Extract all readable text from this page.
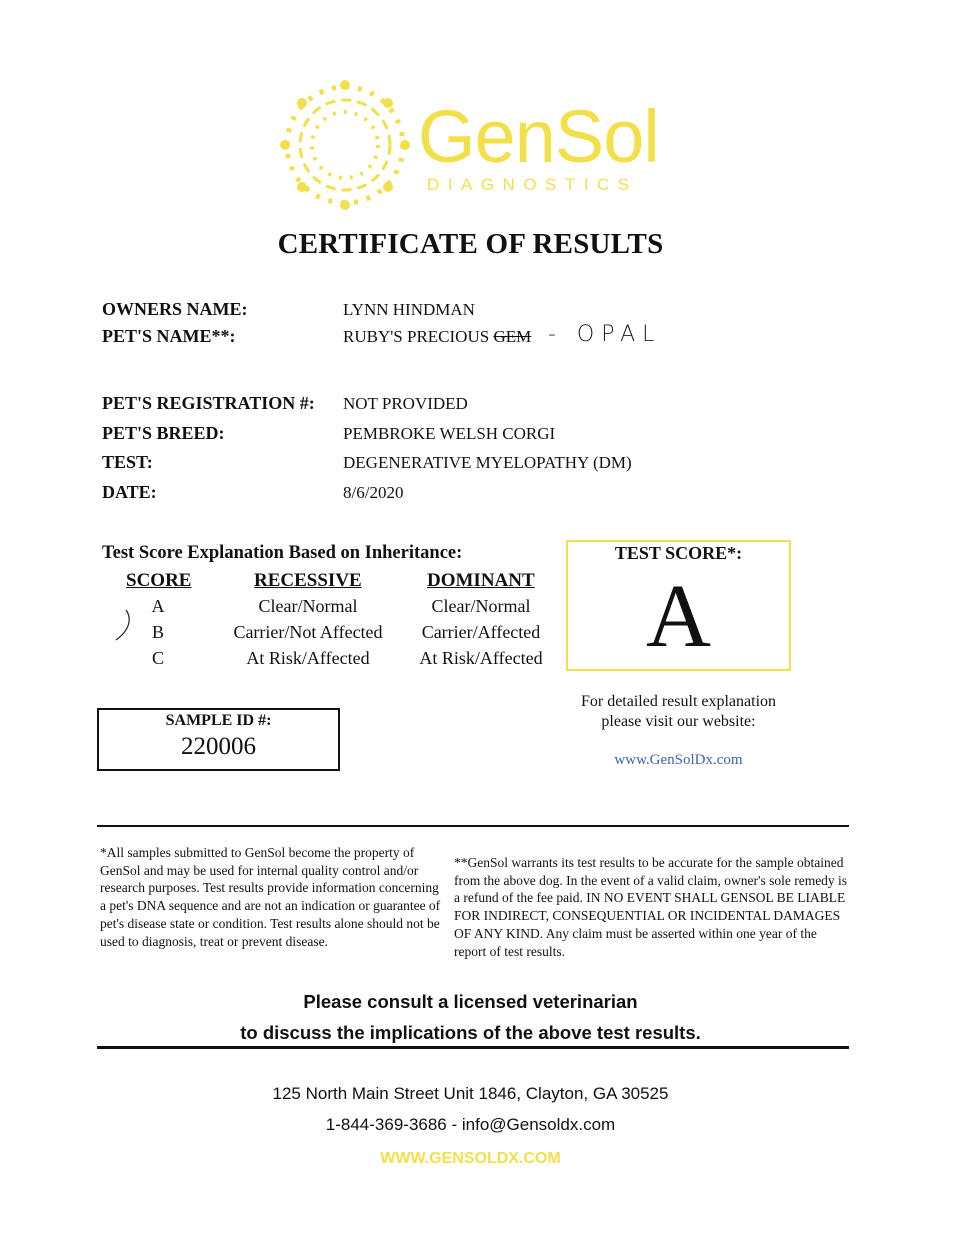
GenSol
DIAGNOSTICS
CERTIFICATE OF RESULTS
OWNERS NAME:	LYNN HINDMAN
PET'S NAME**:	RUBY'S PRECIOUS GEM - OPAL
PET'S REGISTRATION #: NOT PROVIDED
PET'S BREED:	PEMBROKE WELSH CORGI
TEST:	DEGENERATIVE MYELOPATHY (DM)
DATE:	8/6/2020
Test Score Explanation Based on Inheritance:
SCORE	RECESSIVE	DOMINANT
A	Clear/Normal	Clear/Normal
B	Carrier/Not Affected	Carrier/Affected
C	At Risk/Affected	At Risk/Affected
TEST SCORE*:
A
SAMPLE ID #:
220006
For detailed result explanation
please visit our website:
www.GenSolDx.com
*All samples submitted to GenSol become the property of GenSol and may be used for internal quality control and/or research purposes. Test results provide information concerning a pet's DNA sequence and are not an indication or guarantee of pet's disease state or condition. Test results alone should not be used to diagnosis, treat or prevent disease.
**GenSol warrants its test results to be accurate for the sample obtained from the above dog. In the event of a valid claim, owner's sole remedy is a refund of the fee paid. IN NO EVENT SHALL GENSOL BE LIABLE FOR INDIRECT, CONSEQUENTIAL OR INCIDENTAL DAMAGES OF ANY KIND. Any claim must be asserted within one year of the report of test results.
Please consult a licensed veterinarian
to discuss the implications of the above test results.
125 North Main Street Unit 1846, Clayton, GA 30525
1-844-369-3686 - info@Gensoldx.com
WWW.GENSOLDX.COM
